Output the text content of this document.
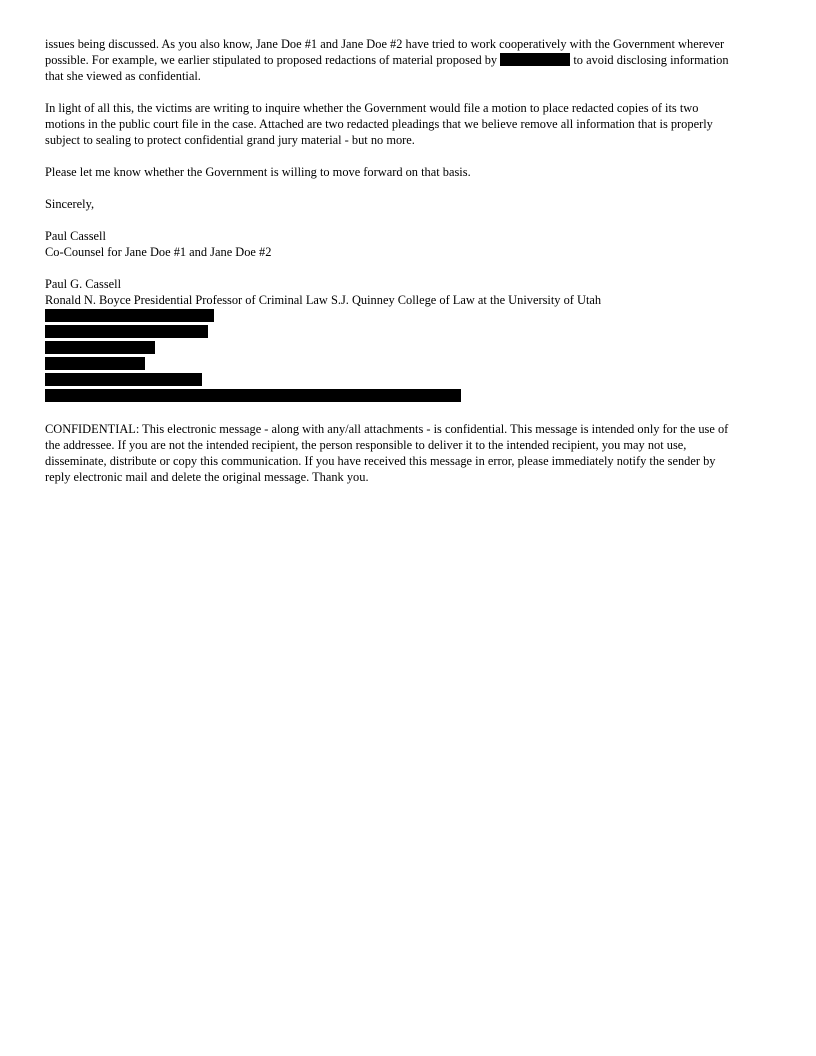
issues being discussed. As you also know, Jane Doe #1 and Jane Doe #2 have tried to work cooperatively with the Government wherever
possible. For example, we earlier stipulated to proposed redactions of material proposed by	to avoid disclosing information
that she viewed as confidential.

In light of all this, the victims are writing to inquire whether the Government would file a motion to place redacted copies of its two
motions in the public court file in the case. Attached are two redacted pleadings that we believe remove all information that is properly
subject to sealing to protect confidential grand jury material - but no more.

Please let me know whether the Government is willing to move forward on that basis.

Sincerely,

Paul Cassell
Co-Counsel for Jane Doe #1 and Jane Doe #2

Paul G. Cassell
Ronald N. Boyce Presidential Professor of Criminal Law S.J. Quinney College of Law at the University of Utah

CONFIDENTIAL: This electronic message - along with any/all attachments - is confidential. This message is intended only for the use of
the addressee. If you are not the intended recipient, the person responsible to deliver it to the intended recipient, you may not use,
disseminate, distribute or copy this communication. If you have received this message in error, please immediately notify the sender by
reply electronic mail and delete the original message. Thank you.
